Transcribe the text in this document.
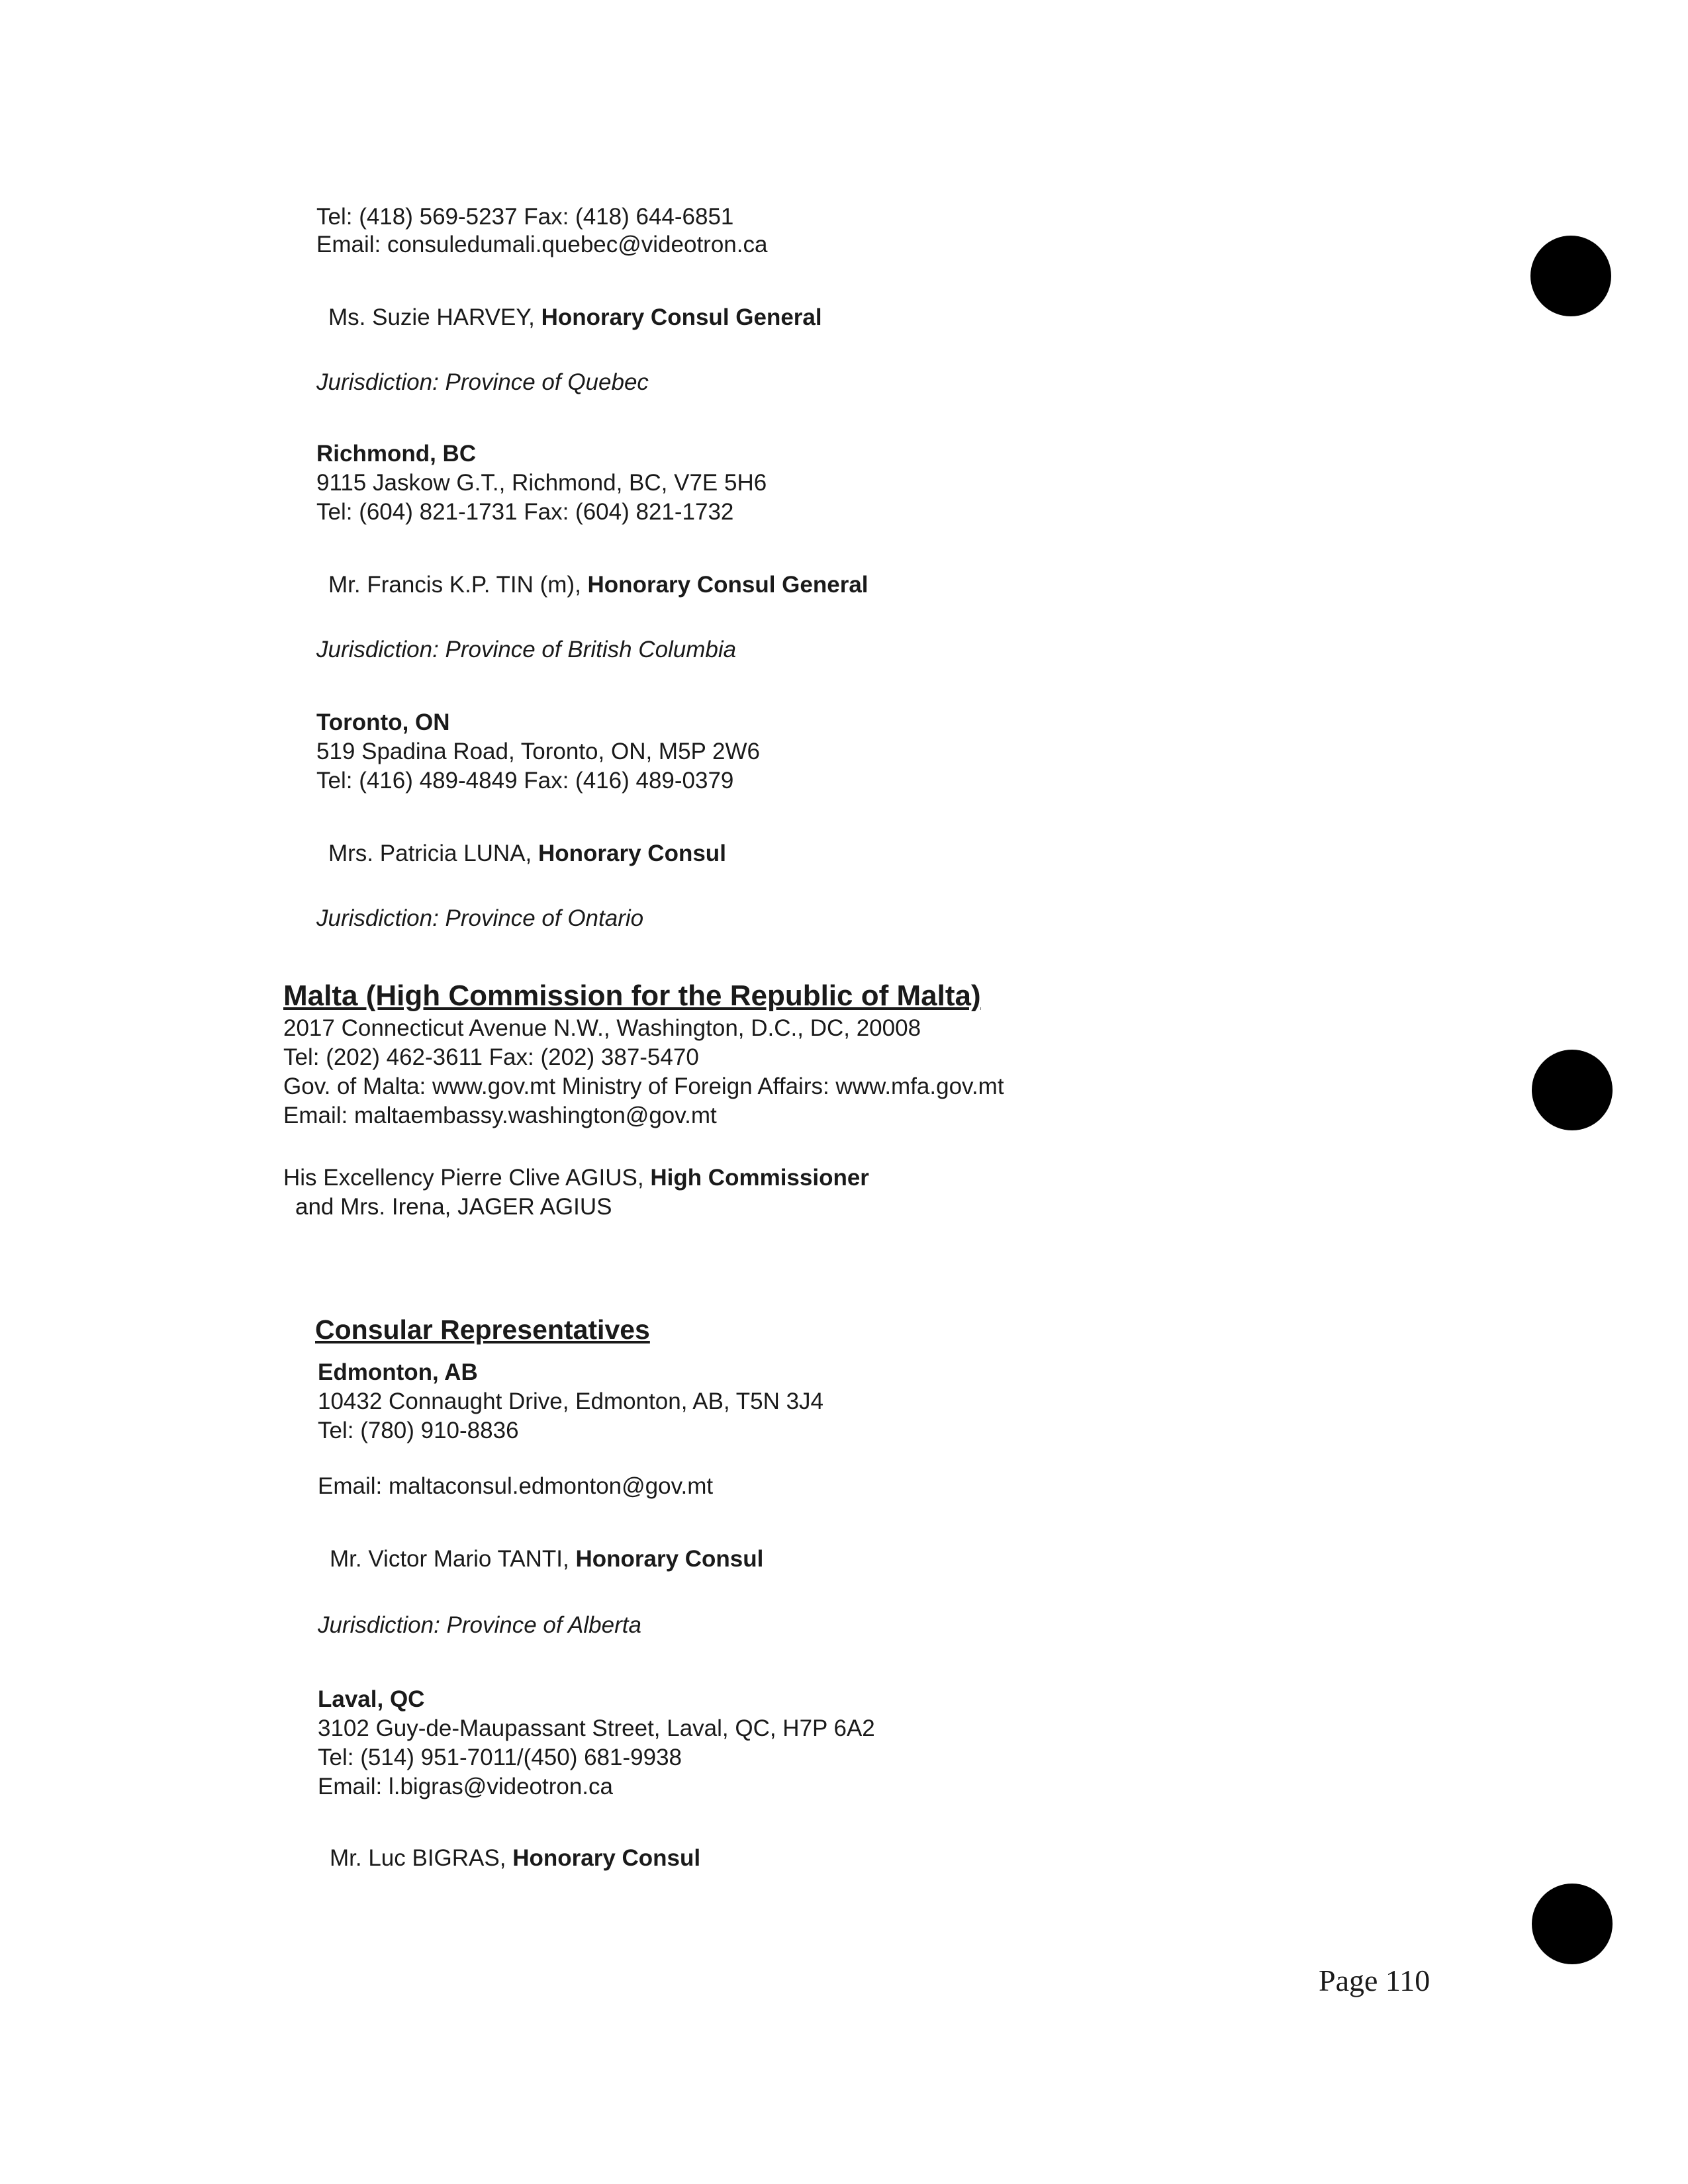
Tel: (418) 569-5237 Fax: (418) 644-6851

Email: consuledumali.quebec@videotron.ca

Ms. Suzie HARVEY, Honorary Consul General

Jurisdiction: Province of Quebec

Richmond, BC

9115 Jaskow G.T., Richmond, BC, V7E 5H6

Tel: (604) 821-1731 Fax: (604) 821-1732

Mr. Francis K.P. TIN (m), Honorary Consul General

Jurisdiction: Province of British Columbia

Toronto, ON

519 Spadina Road, Toronto, ON, M5P 2W6

Tel: (416) 489-4849 Fax: (416) 489-0379

Mrs. Patricia LUNA, Honorary Consul

Jurisdiction: Province of Ontario

Malta (High Commission for the Republic of Malta)

2017 Connecticut Avenue N.W., Washington, D.C., DC, 20008

Tel: (202) 462-3611 Fax: (202) 387-5470

Gov. of Malta: www.gov.mt Ministry of Foreign Affairs: www.mfa.gov.mt

Email: maltaembassy.washington@gov.mt

His Excellency Pierre Clive AGIUS, High Commissioner

and Mrs. Irena, JAGER AGIUS

Consular Representatives

Edmonton, AB

10432 Connaught Drive, Edmonton, AB, T5N 3J4

Tel: (780) 910-8836

Email: maltaconsul.edmonton@gov.mt

Mr. Victor Mario TANTI, Honorary Consul

Jurisdiction: Province of Alberta

Laval, QC

3102 Guy-de-Maupassant Street, Laval, QC, H7P 6A2

Tel: (514) 951-7011/(450) 681-9938

Email: l.bigras@videotron.ca

Mr. Luc BIGRAS, Honorary Consul

Page 110
